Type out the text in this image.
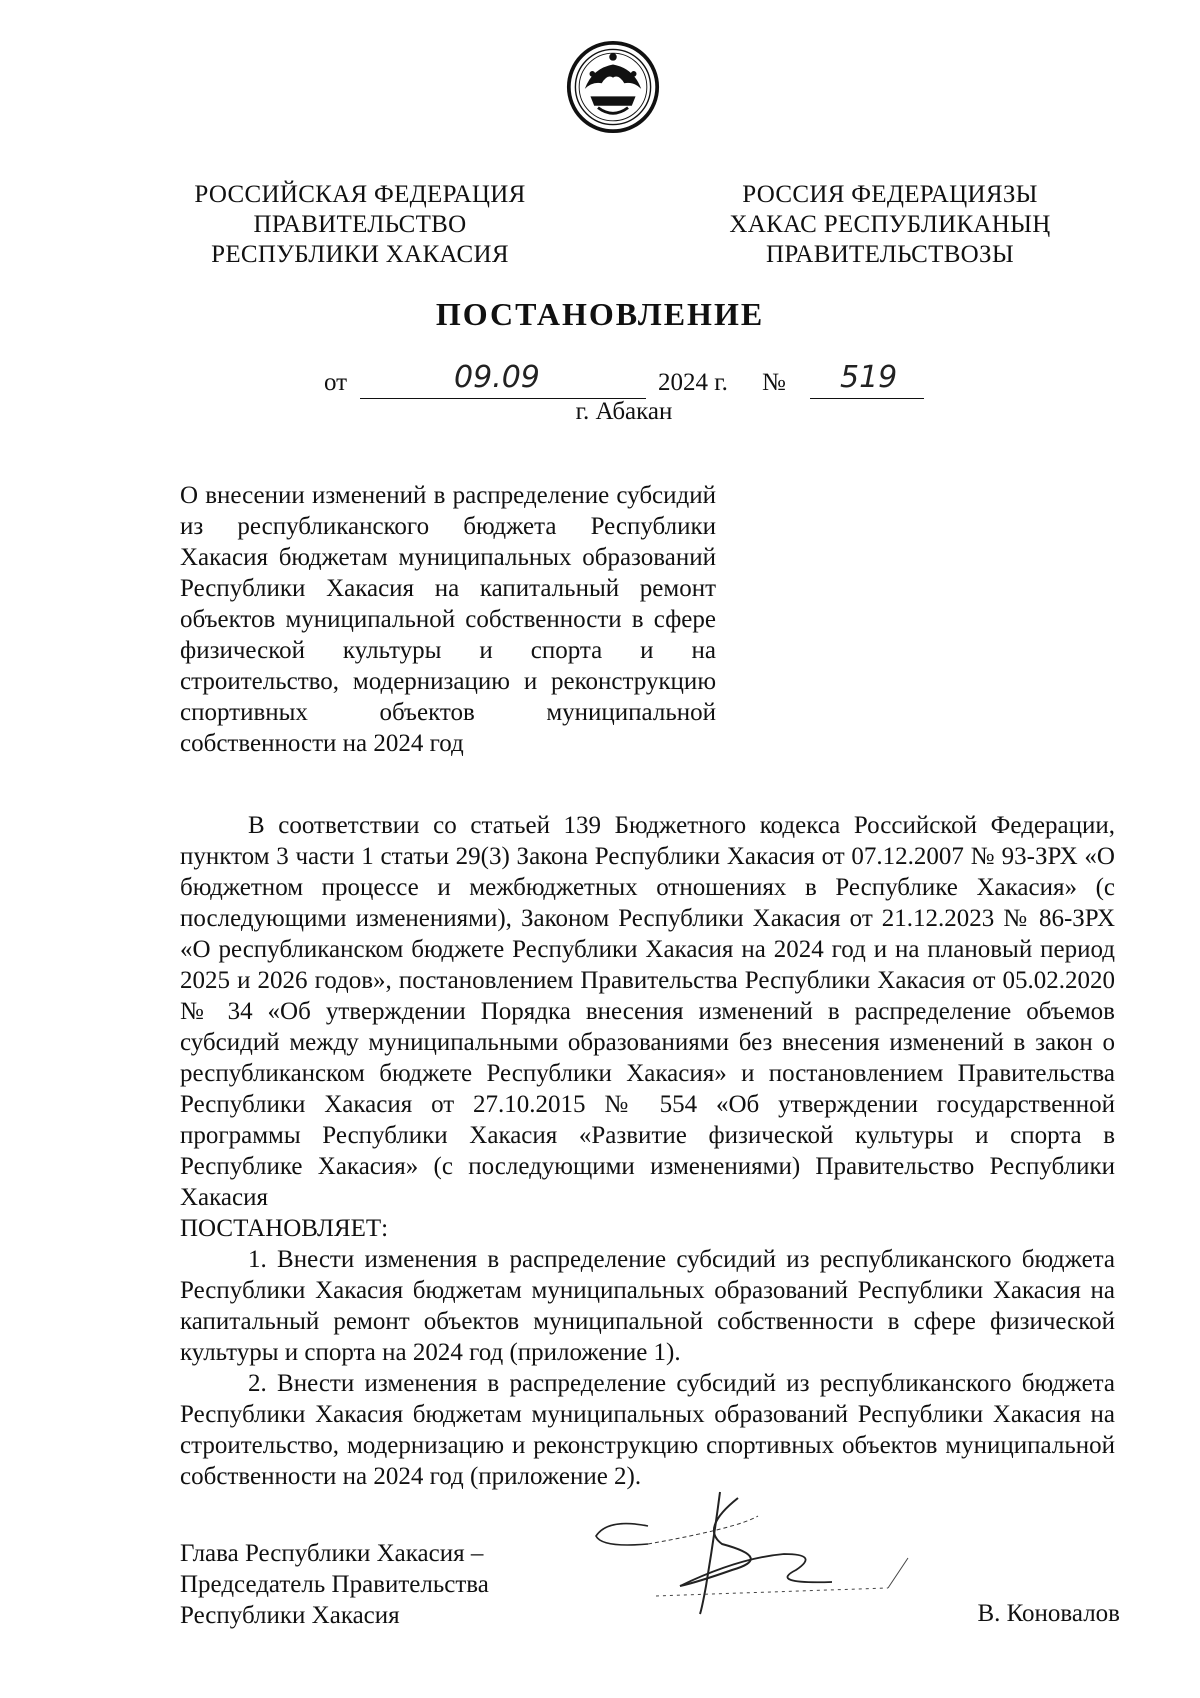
РОССИЙСКАЯ ФЕДЕРАЦИЯ
ПРАВИТЕЛЬСТВО
РЕСПУБЛИКИ ХАКАСИЯ
РОССИЯ ФЕДЕРАЦИЯЗЫ
ХАКАС РЕСПУБЛИКАНЫҢ
ПРАВИТЕЛЬСТВОЗЫ
ПОСТАНОВЛЕНИЕ
от	09.09	2024 г. № 519
г. Абакан
О внесении изменений в распределение субсидий из республиканского бюджета Республики Хакасия бюджетам муниципальных образований Республики Хакасия на капитальный ремонт объектов муниципальной собственности в сфере физической культуры и спорта и на строительство, модернизацию и реконструкцию спортивных объектов муниципальной собственности на 2024 год

В соответствии со статьей 139 Бюджетного кодекса Российской Федерации, пунктом 3 части 1 статьи 29(3) Закона Республики Хакасия от 07.12.2007 № 93-ЗРХ «О бюджетном процессе и межбюджетных отношениях в Республике Хакасия» (с последующими изменениями), Законом Республики Хакасия от 21.12.2023 № 86-ЗРХ «О республиканском бюджете Республики Хакасия на 2024 год и на плановый период 2025 и 2026 годов», постановлением Правительства Республики Хакасия от 05.02.2020 № 34 «Об утверждении Порядка внесения изменений в распределение объемов субсидий между муниципальными образованиями без внесения изменений в закон о республиканском бюджете Республики Хакасия» и постановлением Правительства Республики Хакасия от 27.10.2015 № 554 «Об утверждении государственной программы Республики Хакасия «Развитие физической культуры и спорта в Республике Хакасия» (с последующими изменениями) Правительство Республики Хакасия

ПОСТАНОВЛЯЕТ:

1. Внести изменения в распределение субсидий из республиканского бюджета Республики Хакасия бюджетам муниципальных образований Республики Хакасия на капитальный ремонт объектов муниципальной собственности в сфере физической культуры и спорта на 2024 год (приложение 1).

2. Внести изменения в распределение субсидий из республиканского бюджета Республики Хакасия бюджетам муниципальных образований Республики Хакасия на строительство, модернизацию и реконструкцию спортивных объектов муниципальной собственности на 2024 год (приложение 2).

Глава Республики Хакасия –
Председатель Правительства
Республики Хакасия	В. Коновалов
